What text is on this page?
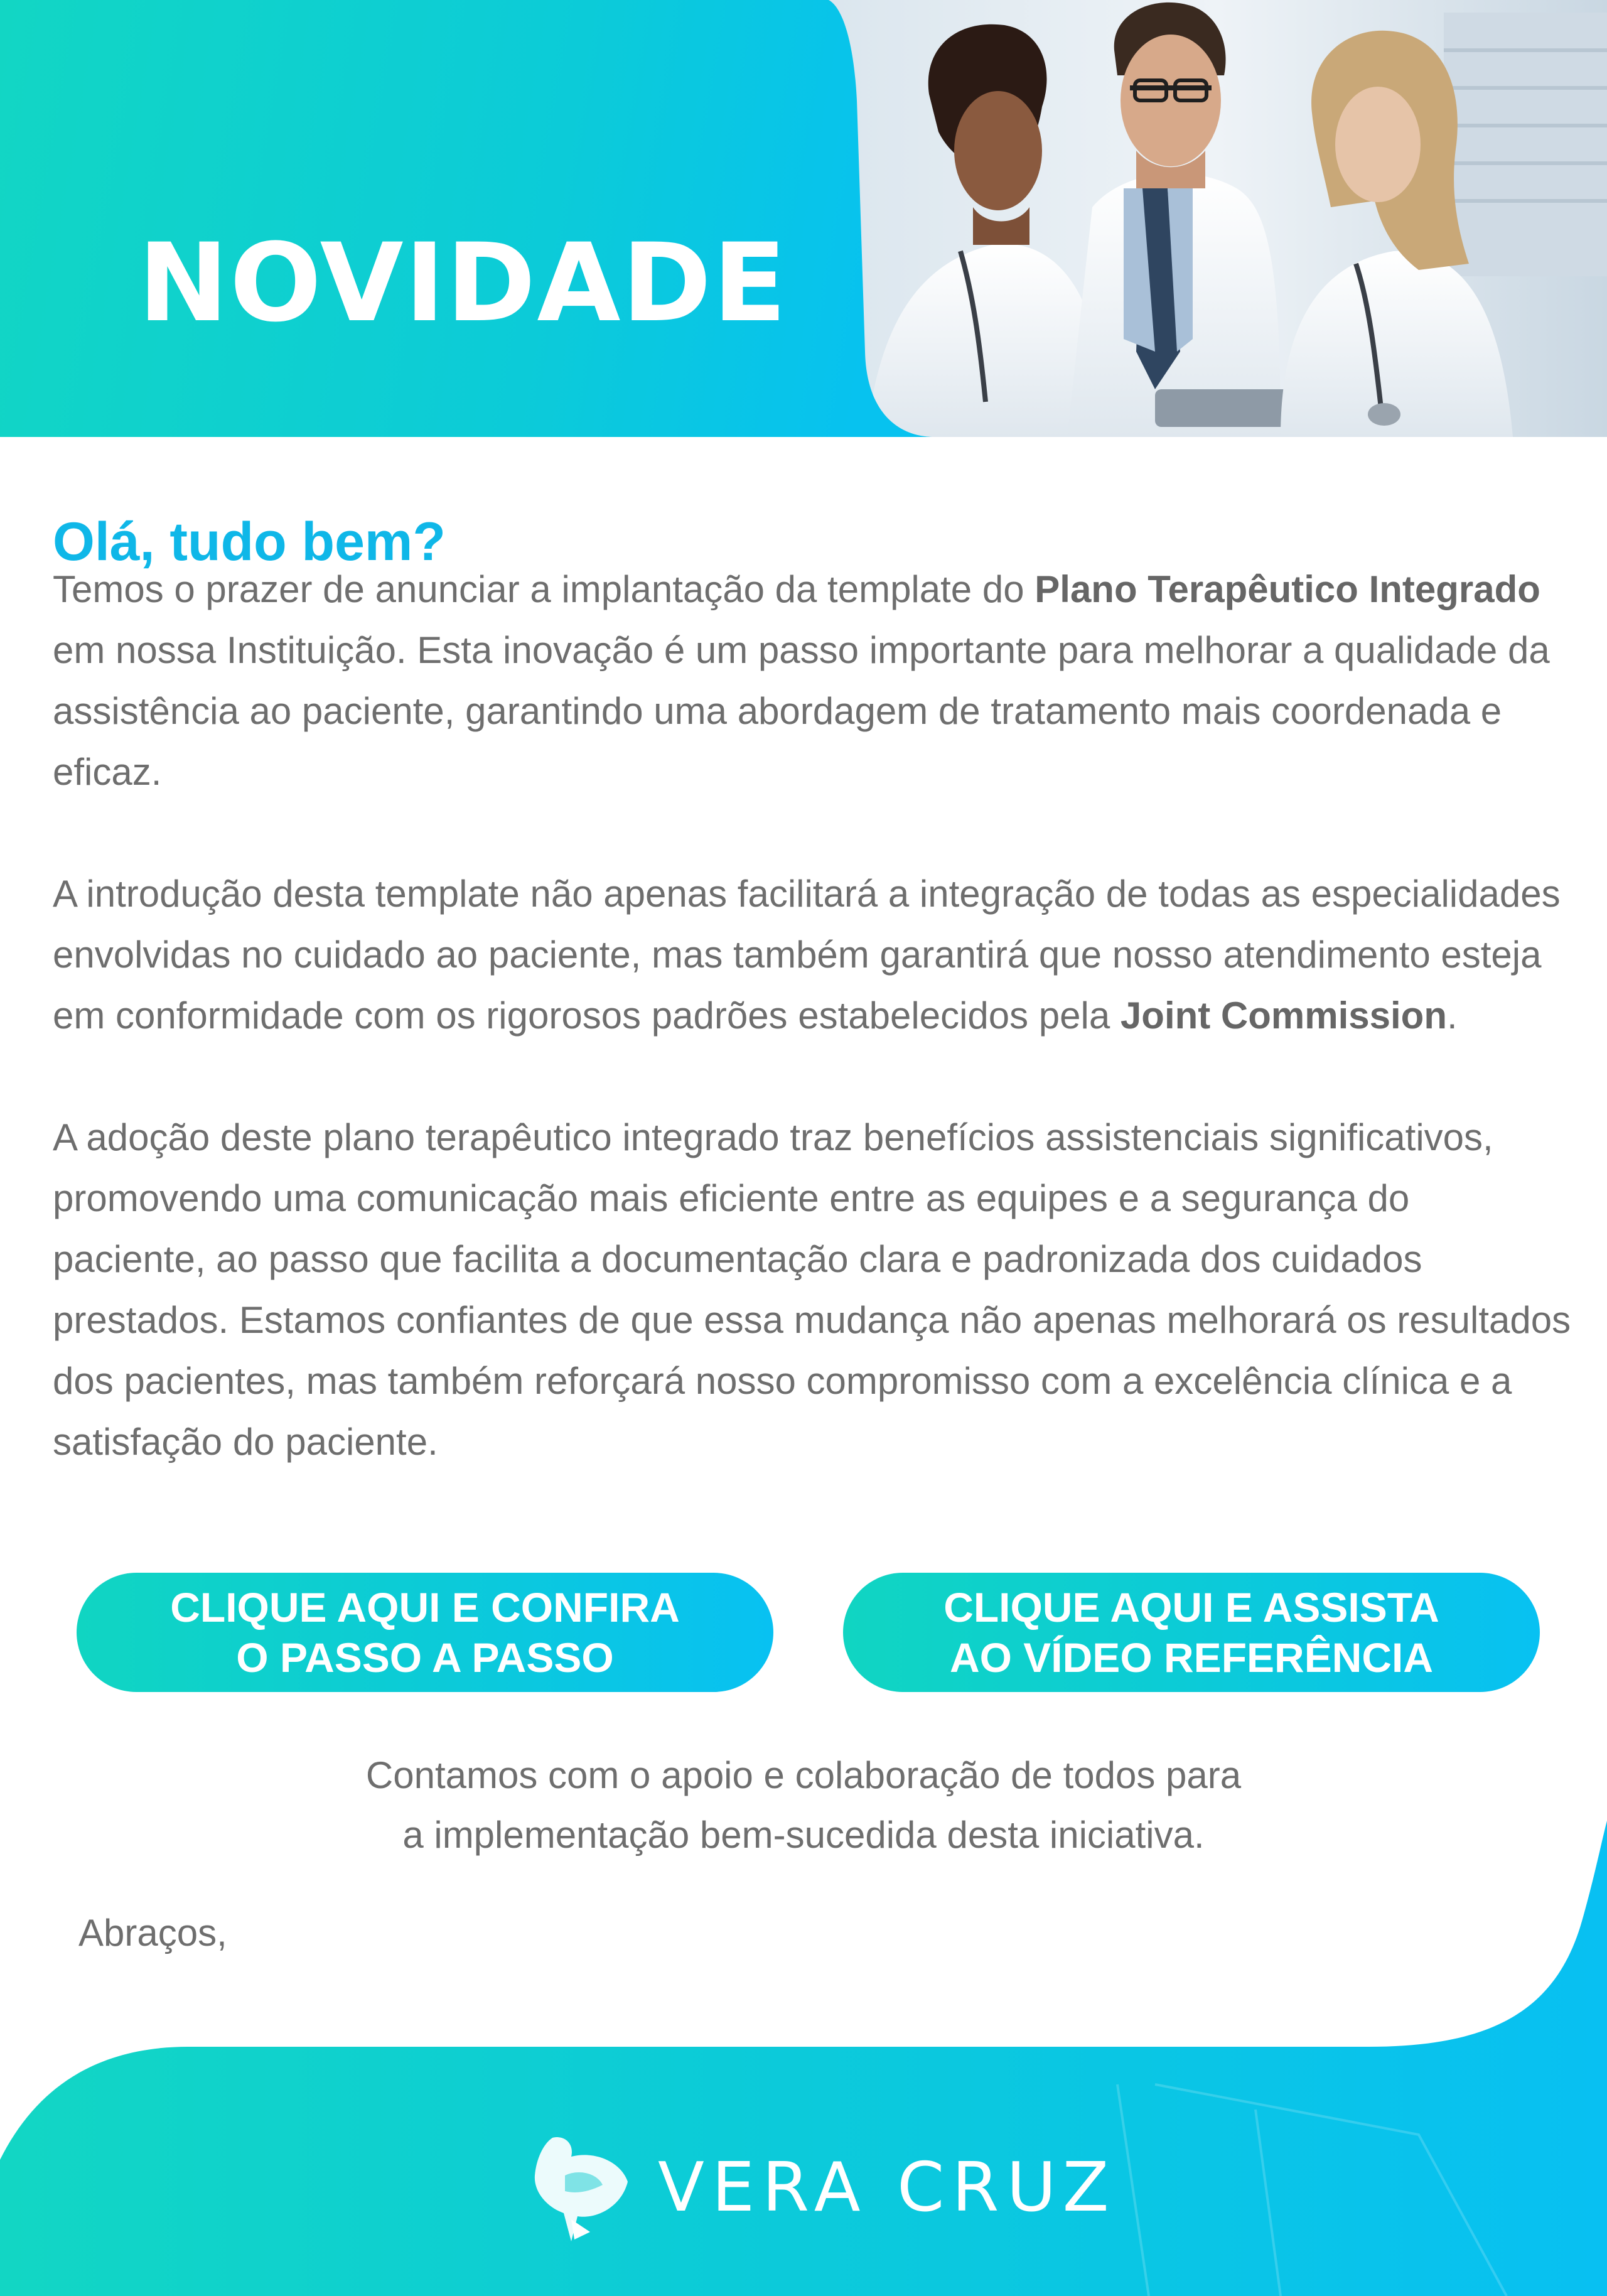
NOVIDADE
Olá, tudo bem?

Temos o prazer de anunciar a implantação da template do Plano Terapêutico Integrado em nossa Instituição. Esta inovação é um passo importante para melhorar a qualidade da assistência ao paciente, garantindo uma abordagem de tratamento mais coordenada e eficaz.

A introdução desta template não apenas facilitará a integração de todas as especialidades envolvidas no cuidado ao paciente, mas também garantirá que nosso atendimento esteja em conformidade com os rigorosos padrões estabelecidos pela Joint Commission.

A adoção deste plano terapêutico integrado traz benefícios assistenciais significativos, promovendo uma comunicação mais eficiente entre as equipes e a segurança do paciente, ao passo que facilita a documentação clara e padronizada dos cuidados prestados. Estamos confiantes de que essa mudança não apenas melhorará os resultados dos pacientes, mas também reforçará nosso compromisso com a excelência clínica e a satisfação do paciente.

CLIQUE AQUI E CONFIRA
O PASSO A PASSO
CLIQUE AQUI E ASSISTA
AO VÍDEO REFERÊNCIA
Contamos com o apoio e colaboração de todos para
a implementação bem-sucedida desta iniciativa.
Abraços,
VERA CRUZ
